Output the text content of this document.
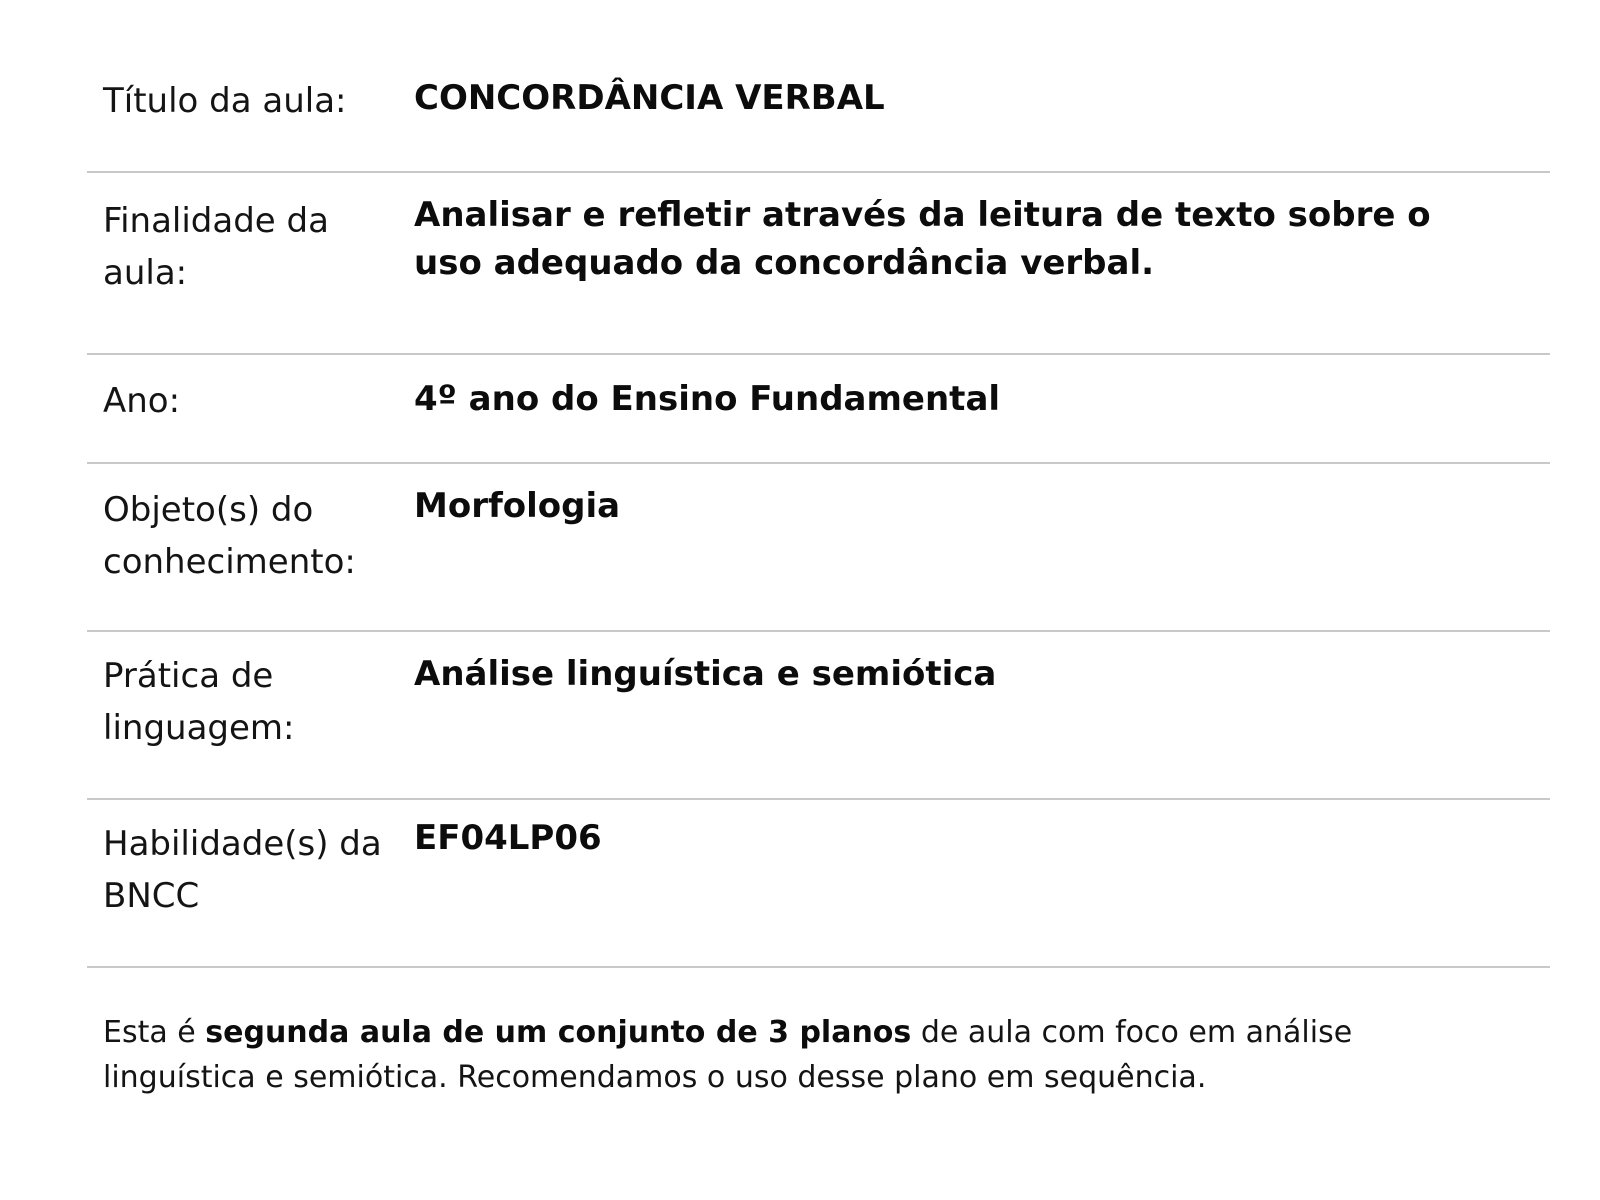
Título da aula:	CONCORDÂNCIA VERBAL
Finalidade da aula:
Analisar e refletir através da leitura de texto sobre o uso adequado da concordância verbal.
Ano:	4º ano do Ensino Fundamental
Objeto(s) do conhecimento:
Morfologia
Prática de linguagem:
Análise linguística e semiótica
Habilidade(s) da BNCC
EF04LP06

Esta é segunda aula de um conjunto de 3 planos de aula com foco em análise linguística e semiótica. Recomendamos o uso desse plano em sequência.
